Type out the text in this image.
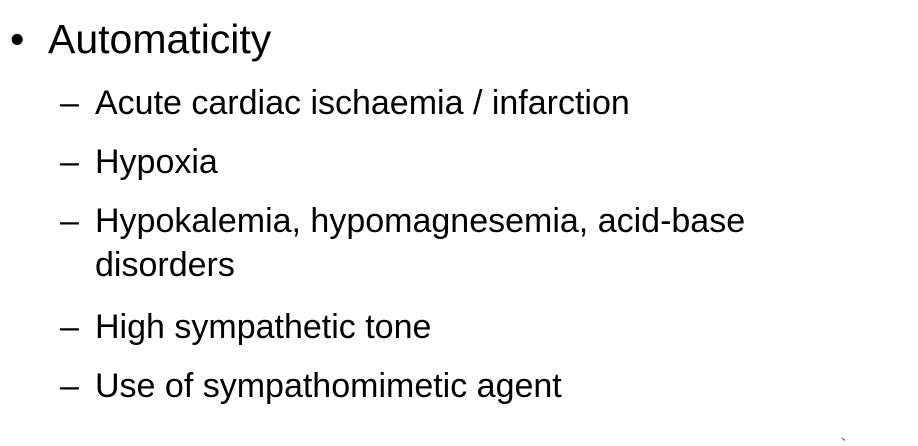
• Automaticity
– Acute cardiac ischaemia / infarction
– Hypoxia
– Hypokalemia, hypomagnesemia, acid-base
disorders
– High sympathetic tone
– Use of sympathomimetic agent
